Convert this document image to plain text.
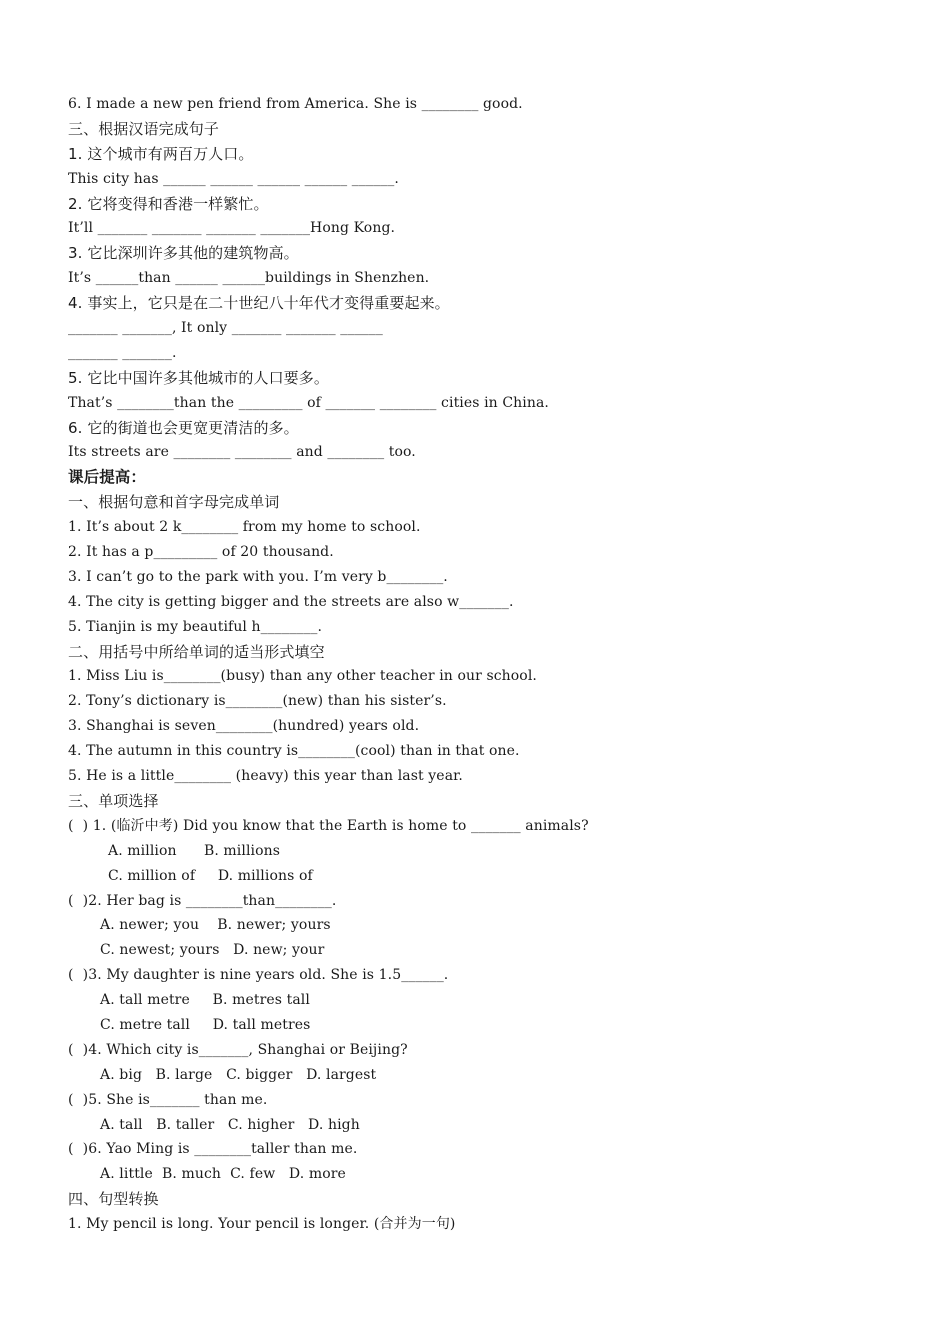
6. I made a new pen friend from America. She is ________ good.
三、根据汉语完成句子
1. 这个城市有两百万人口。
This city has ______ ______ ______ ______ ______.
2. 它将变得和香港一样繁忙。
It’ll _______ _______ _______ _______Hong Kong.
3. 它比深圳许多其他的建筑物高。
It’s ______than ______ ______buildings in Shenzhen.
4. 事实上，它只是在二十世纪八十年代才变得重要起来。
_______ _______, It only _______ _______ ______
_______ _______.
5. 它比中国许多其他城市的人口要多。
That’s ________than the _________ of _______ ________ cities in China.
6. 它的街道也会更宽更清洁的多。
Its streets are ________ ________ and ________ too.
课后提高：
一、根据句意和首字母完成单词
1. It’s about 2 k________ from my home to school.
2. It has a p_________ of 20 thousand.
3. I can’t go to the park with you. I’m very b________.
4. The city is getting bigger and the streets are also w_______.
5. Tianjin is my beautiful h________.
二、用括号中所给单词的适当形式填空
1. Miss Liu is________(busy) than any other teacher in our school.
2. Tony’s dictionary is________(new) than his sister’s.
3. Shanghai is seven________(hundred) years old.
4. The autumn in this country is________(cool) than in that one.
5. He is a little________ (heavy) this year than last year.
三、单项选择
(  ) 1. (临沂中考) Did you know that the Earth is home to _______ animals?
A. million      B. millions
C. million of     D. millions of
(  )2. Her bag is ________than________.
A. newer; you    B. newer; yours
C. newest; yours   D. new; your
(  )3. My daughter is nine years old. She is 1.5______.
A. tall metre     B. metres tall
C. metre tall     D. tall metres
(  )4. Which city is_______, Shanghai or Beijing?
A. big   B. large   C. bigger   D. largest
(  )5. She is_______ than me.
A. tall   B. taller   C. higher   D. high
(  )6. Yao Ming is ________taller than me.
A. little  B. much  C. few   D. more
四、句型转换
1. My pencil is long. Your pencil is longer. (合并为一句)
